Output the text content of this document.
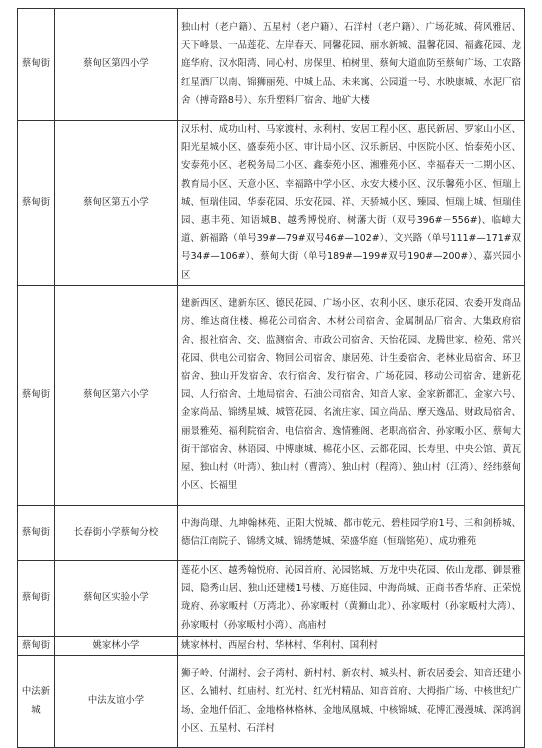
蔡甸街	蔡甸区第四小学	独山村（老户籍）、五星村（老户籍）、石洋村（老户籍）、广场花城、荷风雅居、天下峰景、一品莲花、左岸春天、同馨花园、丽水新城、温馨花园、福鑫花园、龙庭华府、汉水阳湾、同心村、房保里、柏树里、蔡甸大道血防至蔡甸广场、工农路红星酒厂以南、锦狮丽苑、中城上品、未来寓、公园道一号、水映康城、水泥厂宿舍（搏奇路8号）、东升塑料厂宿舍、地矿大楼
蔡甸街	蔡甸区第五小学	汉乐村、成功山村、马家渡村、永利村、安居工程小区、惠民新居、罗家山小区、阳光星城小区、盛泰苑小区、审计局小区、汉乐新居、中医院小区、怡泰苑小区、安泰苑小区、老税务局二小区、鑫泰苑小区、湘雅苑小区、幸福春天一二期小区、教育局小区、天意小区、幸福路中学小区、永安大楼小区、汉乐馨苑小区、恒瑞上城、恒瑞佳园、华泰花园、乐安花园、祥、天骄城小区、臻园、恒瑞上城、恒瑞佳园、惠丰苑、知语城B、越秀博悦府、树藩大街（双号396#－556#)、临嶂大道、新福路（单号39#—79#双号46#—102#）、文兴路（单号111#—171#双号34#—106#）、蔡甸大街（单号189#—199#双号190#—200#）、嘉兴园小区
蔡甸街	蔡甸区第六小学	建新西区、建新东区、德民花园、广场小区、农利小区、康乐花园、农委开发商品房、维达商住楼、棉花公司宿舍、木材公司宿舍、金属制品厂宿舍、大集政府宿舍、报社宿舍、交、监测宿舍、市政公司宿舍、天怡花园、龙腾世家、检苑、常兴花园、供电公司宿舍、物回公司宿舍、康居苑、计生委宿舍、老林业局宿舍、环卫宿舍、独山开发宿舍、农行宿舍、发行宿舍、广场花园、移动公司宿舍、建新花园、人行宿舍、土地局宿舍、石油公司宿舍、知音人家、金家新都汇、金家六号、金家尚品、锦绣星城、城管花园、名流庄家、国立尚品、摩天逸品、财政局宿舍、丽景雅苑、福利院宿舍、电信宿舍、逸情雅阁、老职高宿舍、孙家畈小区、蔡甸大街干部宿舍、林语园、中博康城、棉花小区、云都花园、长寿里、中央公馆、黄瓦屋、独山村（叶湾）、独山村（曹湾）、独山村（程湾）、独山村（江湾）、经纬蔡甸小区、长福里
蔡甸街	长春街小学蔡甸分校	中海尚璟、九坤翰林苑、正阳大悦城、都市乾元、碧桂园学府1号、三和剑桥城、德信江南院子、锦绣文城、锦绣楚城、荣盛华庭（恒瑞铭苑）、成功雅苑
蔡甸街	蔡甸区实验小学	莲花小区、越秀翰悦府、沁园首府、沁园铭城、万龙中央花园、依山龙郡、御景雅园、隐秀山居、独山还建楼1号楼、万庭佳园、中海尚城、正商书香华府、正荣悦珑府、孙家畈村（万湾北）、孙家畈村（黄狮山北）、孙家畈村（孙家畈村大湾）、孙家畈村（孙家畈村小湾）、高庙村
蔡甸街	姚家林小学	姚家林村、西屋台村、华林村、华利村、国利村
中法新城	中法友谊小学	狮子岭、付湖村、会子湾村、新村村、新农村、城头村、新农居委会、知音还建小区、么铺村、红庙村、红光村、红光村精品、知音首府、大拇指广场、中核世纪广场、金地仟佰汇、金地格林格林、金地凤凰城、中核锦城、花博汇漫漫城、深鸿润小区、五星村、石洋村
